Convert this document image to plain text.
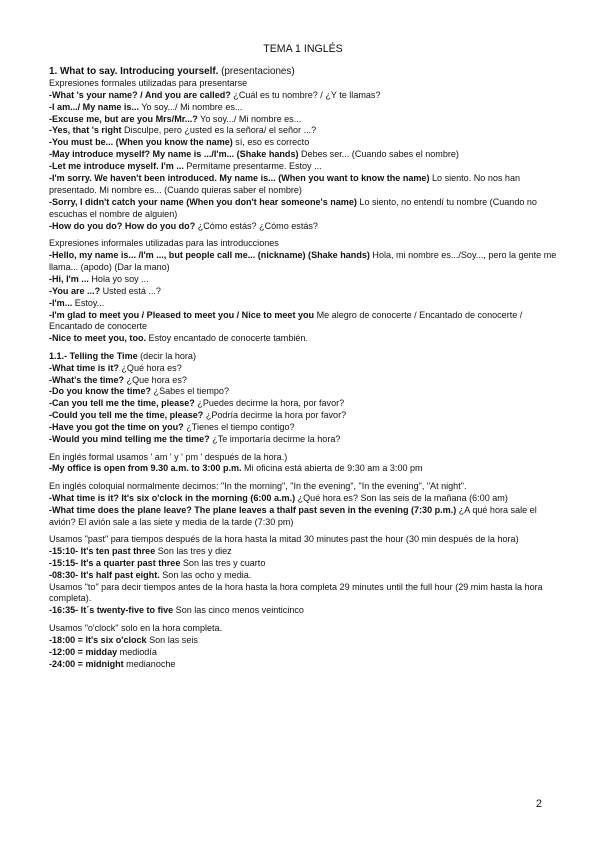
TEMA 1 INGLÉS
1. What to say. Introducing yourself. (presentaciones)
Expresiones formales utilizadas para presentarse
-What 's your name? / And you are called? ¿Cuál es tu nombre? / ¿Y te llamas?
-I am.../ My name is... Yo soy.../ Mi nombre es...
-Excuse me, but are you Mrs/Mr...? Yo soy.../ Mi nombre es...
-Yes, that 's right Disculpe, pero ¿usted es la señora/ el señor ...?
-You must be... (When you know the name) sí, eso es correcto
-May introduce myself? My name is .../I'm... (Shake hands) Debes ser... (Cuando sabes el nombre)
-Let me introduce myself. I'm ... Permítame presentarme. Estoy ...
-I'm sorry. We haven't been introduced. My name is... (When you want to know the name) Lo siento. No nos han presentado. Mi nombre es... (Cuando quieras saber el nombre)
-Sorry, I didn't catch your name (When you don't hear someone's name) Lo siento, no entendí tu nombre (Cuando no escuchas el nombre de alguien)
-How do you do? How do you do? ¿Cómo estás? ¿Cómo estás?
Expresiones informales utilizadas para las introducciones
-Hello, my name is... /I'm ..., but people call me... (nickname) (Shake hands) Hola, mi nombre es.../Soy..., pero la gente me llama... (apodo) (Dar la mano)
-Hi, I'm ... Hola yo soy ...
-You are ...? Usted está ...?
-I'm... Estoy...
-I'm glad to meet you / Pleased to meet you / Nice to meet you Me alegro de conocerte / Encantado de conocerte / Encantado de conocerte
-Nice to meet you, too. Estoy encantado de conocerte también.
1.1.- Telling the Time (decir la hora)
-What time is it? ¿Qué hora es?
-What's the time? ¿Que hora es?
-Do you know the time? ¿Sabes el tiempo?
-Can you tell me the time, please? ¿Puedes decirme la hora, por favor?
-Could you tell me the time, please? ¿Podría decirme la hora por favor?
-Have you got the time on you? ¿Tienes el tiempo contigo?
-Would you mind telling me the time? ¿Te importaría decirme la hora?
En inglés formal usamos ' am ' y ' pm ' después de la hora.)
-My office is open from 9.30 a.m. to 3:00 p.m. Mi oficina está abierta de 9:30 am a 3:00 pm
En inglés coloquial normalmente decimos: "In the morning", "In the evening", "In the evening", "At night".
-What time is it? It's six o'clock in the morning (6:00 a.m.) ¿Qué hora es? Son las seis de la mañana (6:00 am)
-What time does the plane leave? The plane leaves a thalf past seven in the evening (7:30 p.m.) ¿A qué hora sale el avión? El avión sale a las siete y media de la tarde (7:30 pm)
Usamos "past" para tiempos después de la hora hasta la mitad 30 minutes past the hour (30 min después de la hora)
-15:10- It's ten past three Son las tres y diez
-15:15- It's a quarter past three Son las tres y cuarto
-08:30- It's half past eight. Son las ocho y media.
Usamos "to" para decir tiempos antes de la hora hasta la hora completa 29 minutes until the full hour (29 mim hasta la hora completa).
-16:35- It´s twenty-five to five Son las cinco menos veinticinco
Usamos "o'clock" solo en la hora completa.
-18:00 = It's six o'clock Son las seis
-12:00 = midday mediodía
-24:00 = midnight medianoche
2
